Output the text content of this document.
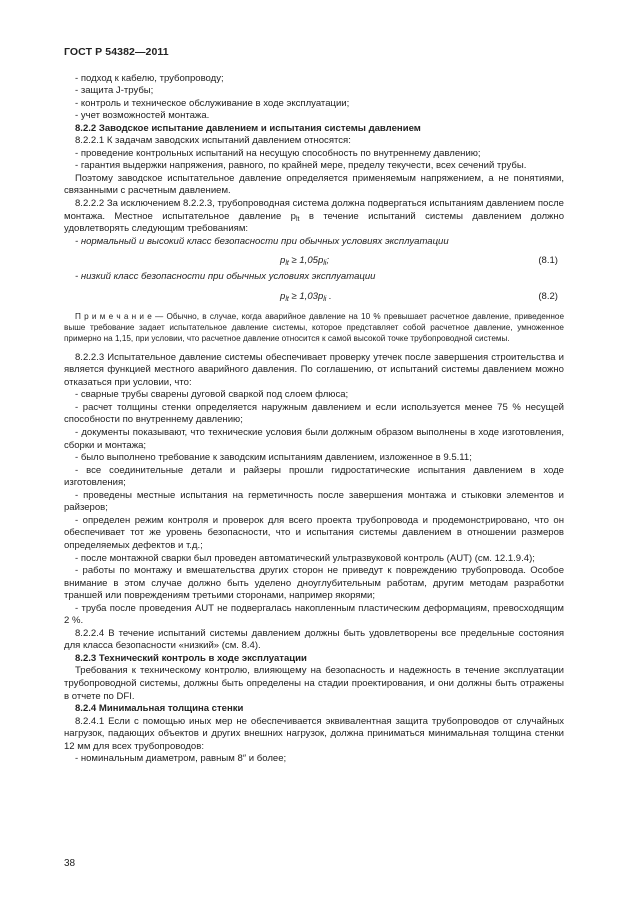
ГОСТ Р 54382—2011
- подход к кабелю, трубопроводу;
- защита J-трубы;
- контроль и техническое обслуживание в ходе эксплуатации;
- учет возможностей монтажа.
8.2.2 Заводское испытание давлением и испытания системы давлением
8.2.2.1 К задачам заводских испытаний давлением относятся:
- проведение контрольных испытаний на несущую способность по внутреннему давлению;
- гарантия выдержки напряжения, равного, по крайней мере, пределу текучести, всех сечений трубы.
Поэтому заводское испытательное давление определяется применяемым напряжением, а не понятиями, связанными с расчетным давлением.
8.2.2.2 За исключением 8.2.2.3, трубопроводная система должна подвергаться испытаниям давлением после монтажа. Местное испытательное давление $p_{lt}$ в течение испытаний системы давлением должно удовлетворять следующим требованиям:
- нормальный и высокий класс безопасности при обычных условиях эксплуатации
$p_{lt} \ge 1,05p_{li}$;	(8.1)
- низкий класс безопасности при обычных условиях эксплуатации
$p_{lt} \ge 1,03p_{li}$ .	(8.2)
П р и м е ч а н и е — Обычно, в случае, когда аварийное давление на 10 % превышает расчетное давление, приведенное выше требование задает испытательное давление системы, которое представляет собой расчетное давление, умноженное примерно на 1,15, при условии, что расчетное давление относится к самой высокой точке трубопроводной системы.
8.2.2.3 Испытательное давление системы обеспечивает проверку утечек после завершения строительства и является функцией местного аварийного давления. По соглашению, от испытаний системы давлением можно отказаться при условии, что:
- сварные трубы сварены дуговой сваркой под слоем флюса;
- расчет толщины стенки определяется наружным давлением и если используется менее 75 % несущей способности по внутреннему давлению;
- документы показывают, что технические условия были должным образом выполнены в ходе изготовления, сборки и монтажа;
- было выполнено требование к заводским испытаниям давлением, изложенное в 9.5.11;
- все соединительные детали и райзеры прошли гидростатические испытания давлением в ходе изготовления;
- проведены местные испытания на герметичность после завершения монтажа и стыковки элементов и райзеров;
- определен режим контроля и проверок для всего проекта трубопровода и продемонстрировано, что он обеспечивает тот же уровень безопасности, что и испытания системы давлением в отношении размеров определяемых дефектов и т.д.;
- после монтажной сварки был проведен автоматический ультразвуковой контроль (AUT) (см. 12.1.9.4);
- работы по монтажу и вмешательства других сторон не приведут к повреждению трубопровода. Особое внимание в этом случае должно быть уделено дноуглубительным работам, другим методам разработки траншей или повреждениям третьими сторонами, например якорями;
- труба после проведения AUT не подвергалась накопленным пластическим деформациям, превосходящим 2 %.
8.2.2.4 В течение испытаний системы давлением должны быть удовлетворены все предельные состояния для класса безопасности «низкий» (см. 8.4).
8.2.3 Технический контроль в ходе эксплуатации
Требования к техническому контролю, влияющему на безопасность и надежность в течение эксплуатации трубопроводной системы, должны быть определены на стадии проектирования, и они должны быть отражены в отчете по DFI.
8.2.4 Минимальная толщина стенки
8.2.4.1 Если с помощью иных мер не обеспечивается эквивалентная защита трубопроводов от случайных нагрузок, падающих объектов и других внешних нагрузок, должна приниматься минимальная толщина стенки 12 мм для всех трубопроводов:
- номинальным диаметром, равным 8″ и более;
38
